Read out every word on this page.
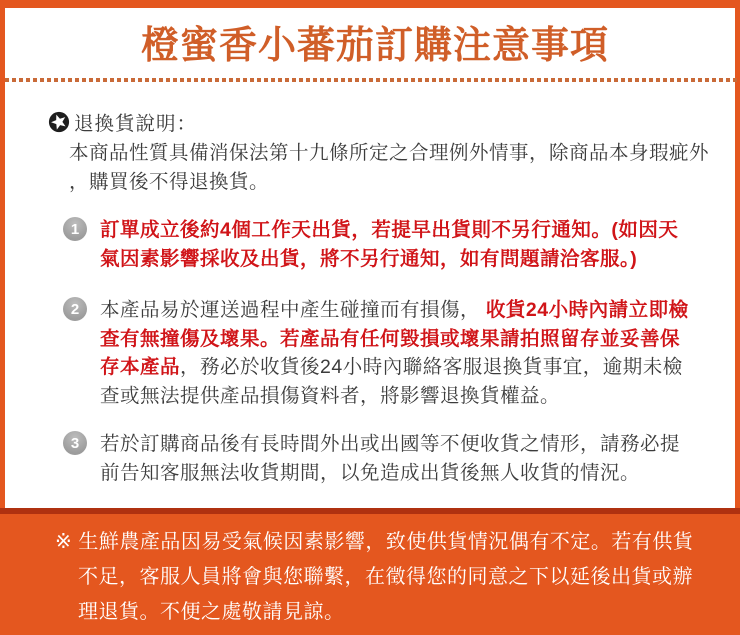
橙蜜香小蕃茄訂購注意事項

退換貨說明：

本商品性質具備消保法第十九條所定之合理例外情事，除商品本身瑕疵外，購買後不得退換貨。

1 訂單成立後約4個工作天出貨，若提早出貨則不另行通知。(如因天氣因素影響採收及出貨，將不另行通知，如有問題請洽客服。)

2 本產品易於運送過程中產生碰撞而有損傷， 收貨24小時內請立即檢查有無撞傷及壞果。若產品有任何毀損或壞果請拍照留存並妥善保存本產品，務必於收貨後24小時內聯絡客服退換貨事宜，逾期未檢查或無法提供產品損傷資料者，將影響退換貨權益。

3 若於訂購商品後有長時間外出或出國等不便收貨之情形，請務必提前告知客服無法收貨期間，以免造成出貨後無人收貨的情況。

※ 生鮮農產品因易受氣候因素影響，致使供貨情況偶有不定。若有供貨不足，客服人員將會與您聯繫，在徵得您的同意之下以延後出貨或辦理退貨。不便之處敬請見諒。
